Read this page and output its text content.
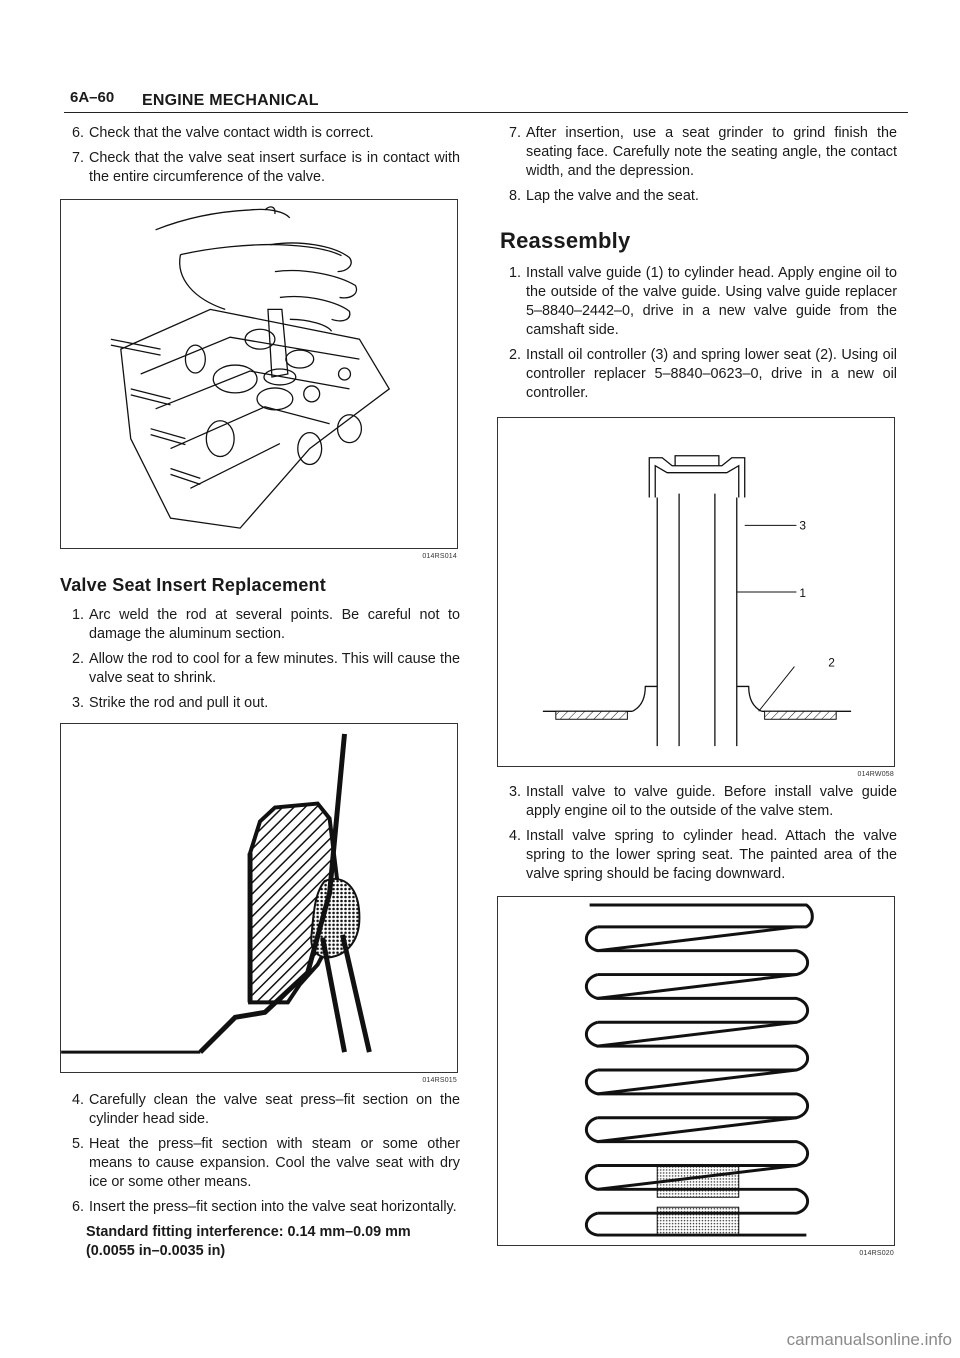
6A–60 ENGINE MECHANICAL
6. Check that the valve contact width is correct.
7. Check that the valve seat insert surface is in contact with the entire circumference of the valve.
014RS014
Valve Seat Insert Replacement
1. Arc weld the rod at several points. Be careful not to damage the aluminum section.
2. Allow the rod to cool for a few minutes. This will cause the valve seat to shrink.
3. Strike the rod and pull it out.
014RS015
4. Carefully clean the valve seat press–fit section on the cylinder head side.
5. Heat the press–fit section with steam or some other means to cause expansion. Cool the valve seat with dry ice or some other means.
6. Insert the press–fit section into the valve seat horizontally.
Standard fitting interference: 0.14 mm–0.09 mm
(0.0055 in–0.0035 in)
7. After insertion, use a seat grinder to grind finish the seating face. Carefully note the seating angle, the contact width, and the depression.
8. Lap the valve and the seat.
Reassembly
1. Install valve guide (1) to cylinder head. Apply engine oil to the outside of the valve guide. Using valve guide replacer 5–8840–2442–0, drive in a new valve guide from the camshaft side.
2. Install oil controller (3) and spring lower seat (2). Using oil controller replacer 5–8840–0623–0, drive in a new oil controller.
3
1
2
014RW058
3. Install valve to valve guide. Before install valve guide apply engine oil to the outside of the valve stem.
4. Install valve spring to cylinder head. Attach the valve spring to the lower spring seat. The painted area of the valve spring should be facing downward.
014RS020
carmanualsonline.info
